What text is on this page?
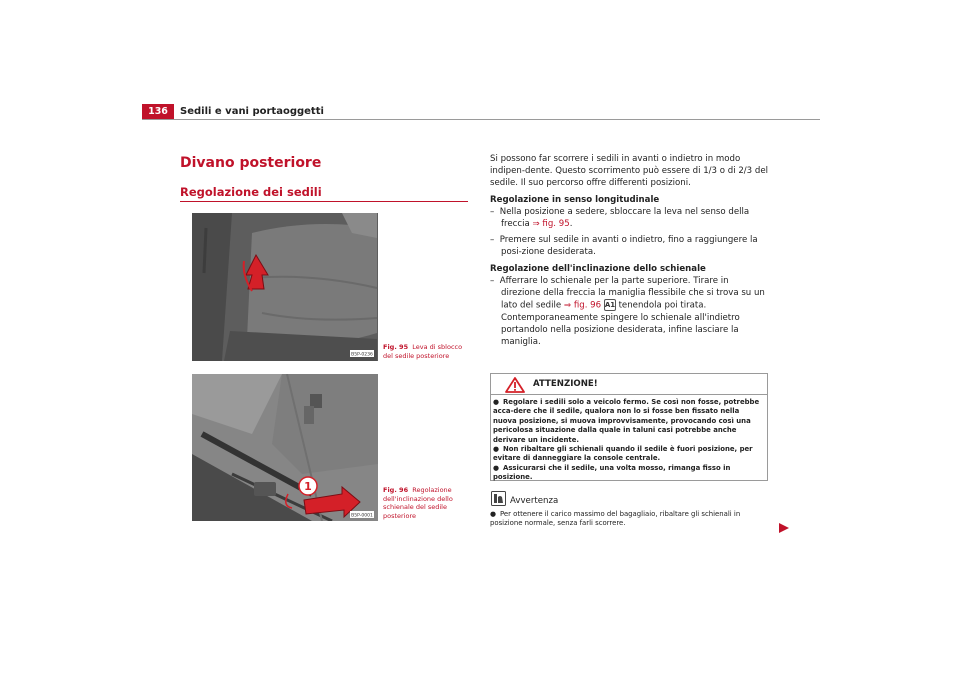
136	Sedili e vani portaoggetti
Divano posteriore
Regolazione dei sedili
B5P-0236
Fig. 95 Leva di sblocco del sedile posteriore
1
B5P-0001
Fig. 96 Regolazione dell'inclinazione dello schienale del sedile posteriore

Si possono far scorrere i sedili in avanti o indietro in modo indipen-dente. Questo scorrimento può essere di 1/3 o di 2/3 del sedile. Il suo percorso offre differenti posizioni.

Regolazione in senso longitudinale

–  Nella posizione a sedere, sbloccare la leva nel senso della freccia ⇒ fig. 95.

–  Premere sul sedile in avanti o indietro, fino a raggiungere la posi-zione desiderata.

Regolazione dell'inclinazione dello schienale

–  Afferrare lo schienale per la parte superiore. Tirare in direzione della freccia la maniglia flessibile che si trova su un lato del sedile ⇒ fig. 96 A1 tenendola poi tirata. Contemporaneamente spingere lo schienale all'indietro portandolo nella posizione desiderata, infine lasciare la maniglia.

ATTENZIONE!

● Regolare i sedili solo a veicolo fermo. Se così non fosse, potrebbe acca-dere che il sedile, qualora non lo si fosse ben fissato nella nuova posizione, si muova improvvisamente, provocando così una pericolosa situazione dalla quale in taluni casi potrebbe anche derivare un incidente.

● Non ribaltare gli schienali quando il sedile è fuori posizione, per evitare di danneggiare la console centrale.

● Assicurarsi che il sedile, una volta mosso, rimanga fisso in posizione.

Avvertenza

● Per ottenere il carico massimo del bagagliaio, ribaltare gli schienali in posizione normale, senza farli scorrere.
